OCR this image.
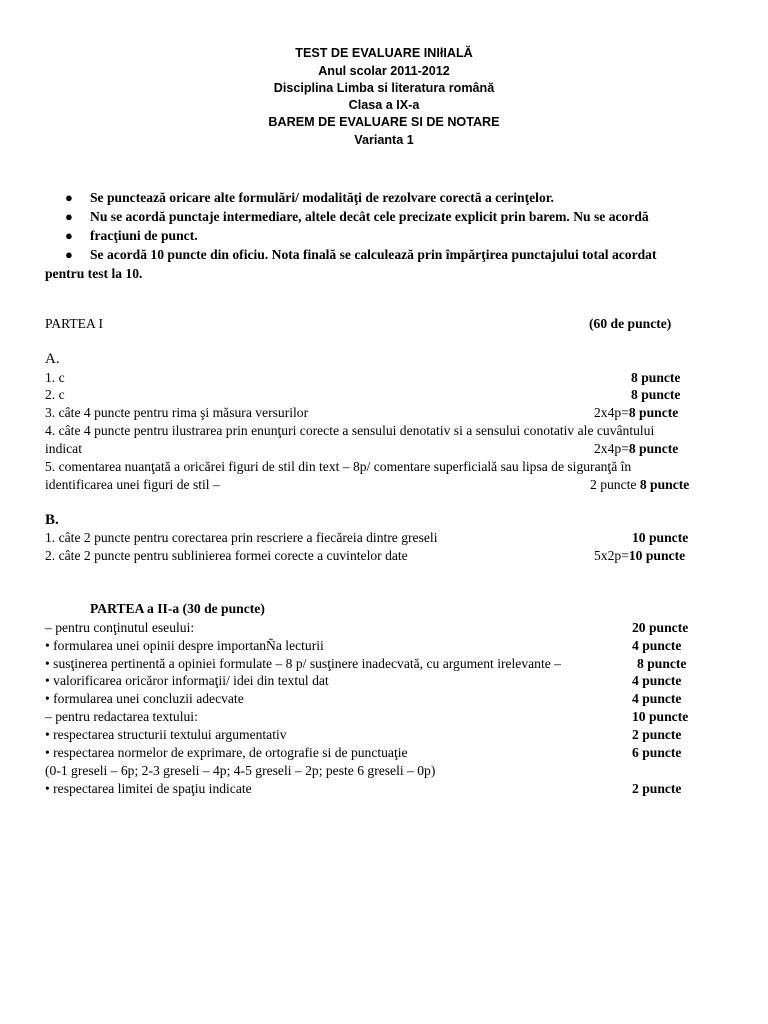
TEST DE EVALUARE INIłIALĂ
Anul scolar 2011-2012
Disciplina Limba si literatura română
Clasa a IX-a
BAREM DE EVALUARE SI DE NOTARE
Varianta 1
● Se punctează oricare alte formulări/ modalităţi de rezolvare corectă a cerinţelor.
● Nu se acordă punctaje intermediare, altele decât cele precizate explicit prin barem. Nu se acordă
● fracţiuni de punct.
● Se acordă 10 puncte din oficiu. Nota finală se calculează prin împărţirea punctajului total acordat
pentru test la 10.
PARTEA I	(60 de puncte)
A.
1. c	8 puncte
2. c	8 puncte
3. câte 4 puncte pentru rima şi măsura versurilor	2x4p=8 puncte
4. câte 4 puncte pentru ilustrarea prin enunţuri corecte a sensului denotativ si a sensului conotativ ale cuvântului
indicat	2x4p=8 puncte
5. comentarea nuanţată a oricărei figuri de stil din text – 8p/ comentare superficială sau lipsa de siguranţă în
identificarea unei figuri de stil –	2 puncte 8 puncte
B.
1. câte 2 puncte pentru corectarea prin rescriere a fiecăreia dintre greseli	10 puncte
2. câte 2 puncte pentru sublinierea formei corecte a cuvintelor date	5x2p=10 puncte
PARTEA a II-a (30 de puncte)
– pentru conţinutul eseului:	20 puncte
• formularea unei opinii despre importanÑa lecturii	4 puncte
• susţinerea pertinentă a opiniei formulate – 8 p/ susţinere inadecvată, cu argument irelevante –	8 puncte
• valorificarea oricăror informaţii/ idei din textul dat	4 puncte
• formularea unei concluzii adecvate	4 puncte
– pentru redactarea textului:	10 puncte
• respectarea structurii textului argumentativ	2 puncte
• respectarea normelor de exprimare, de ortografie si de punctuaţie	6 puncte
(0-1 greseli – 6p; 2-3 greseli – 4p; 4-5 greseli – 2p; peste 6 greseli – 0p)
• respectarea limitei de spaţiu indicate	2 puncte
